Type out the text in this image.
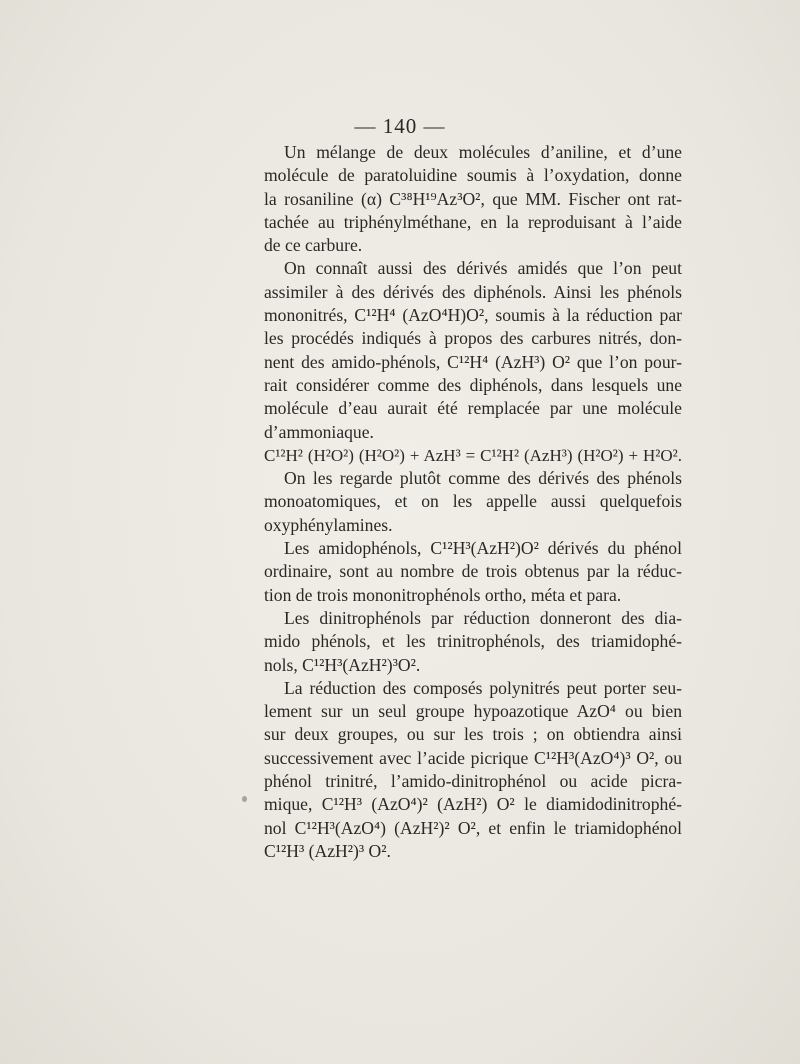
— 140 —
Un mélange de deux molécules d’aniline, et d’une
molécule de paratoluidine soumis à l’oxydation, donne
la rosaniline (α) C³⁸H¹⁹Az³O², que MM. Fischer ont rat-
tachée au triphénylméthane, en la reproduisant à l’aide
de ce carbure.
On connaît aussi des dérivés amidés que l’on peut
assimiler à des dérivés des diphénols. Ainsi les phénols
mononitrés, C¹²H⁴ (AzO⁴H)O², soumis à la réduction par
les procédés indiqués à propos des carbures nitrés, don-
nent des amido-phénols, C¹²H⁴ (AzH³) O² que l’on pour-
rait considérer comme des diphénols, dans lesquels une
molécule d’eau aurait été remplacée par une molécule
d’ammoniaque.
C¹²H² (H²O²) (H²O²) + AzH³ = C¹²H² (AzH³) (H²O²) + H²O².
On les regarde plutôt comme des dérivés des phénols
monoatomiques, et on les appelle aussi quelquefois
oxyphénylamines.
Les amidophénols, C¹²H³(AzH²)O² dérivés du phénol
ordinaire, sont au nombre de trois obtenus par la réduc-
tion de trois mononitrophénols ortho, méta et para.
Les dinitrophénols par réduction donneront des dia-
mido phénols, et les trinitrophénols, des triamidophé-
nols, C¹²H³(AzH²)³O².
La réduction des composés polynitrés peut porter seu-
lement sur un seul groupe hypoazotique AzO⁴ ou bien
sur deux groupes, ou sur les trois ; on obtiendra ainsi
successivement avec l’acide picrique C¹²H³(AzO⁴)³ O², ou
phénol trinitré, l’amido-dinitrophénol ou acide picra-
mique, C¹²H³ (AzO⁴)² (AzH²) O² le diamidodinitrophé-
nol C¹²H³(AzO⁴) (AzH²)² O², et enfin le triamidophénol
C¹²H³ (AzH²)³ O².
